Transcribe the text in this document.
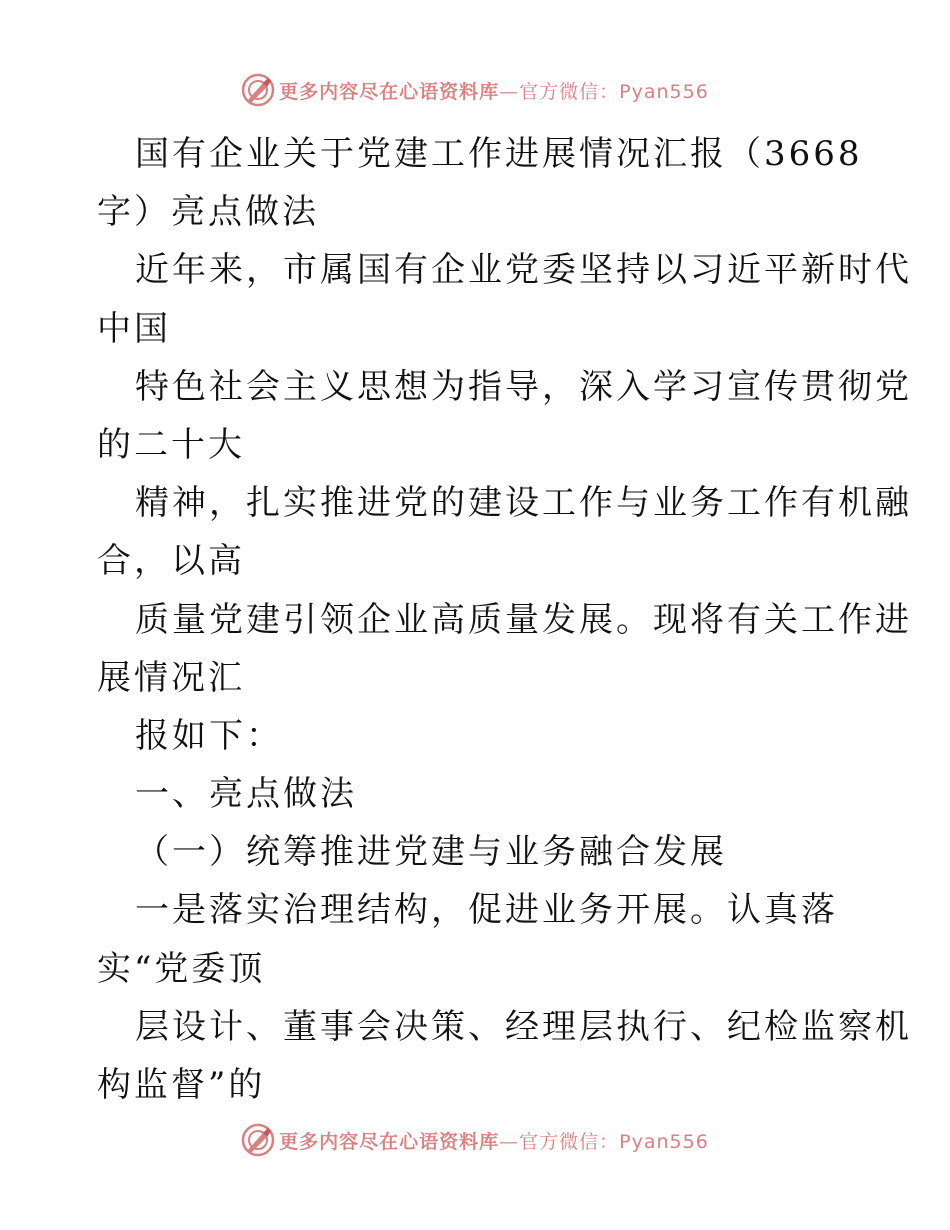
更多内容尽在心语资料库—官方微信：Pyan556
国有企业关于党建工作进展情况汇报（3668
字）亮点做法
近年来，市属国有企业党委坚持以习近平新时代
中国
特色社会主义思想为指导，深入学习宣传贯彻党
的二十大
精神，扎实推进党的建设工作与业务工作有机融
合，以高
质量党建引领企业高质量发展。现将有关工作进
展情况汇
报如下：
一、亮点做法
（一）统筹推进党建与业务融合发展
一是落实治理结构，促进业务开展。认真落
实“党委顶
层设计、董事会决策、经理层执行、纪检监察机
构监督”的
更多内容尽在心语资料库—官方微信：Pyan556
